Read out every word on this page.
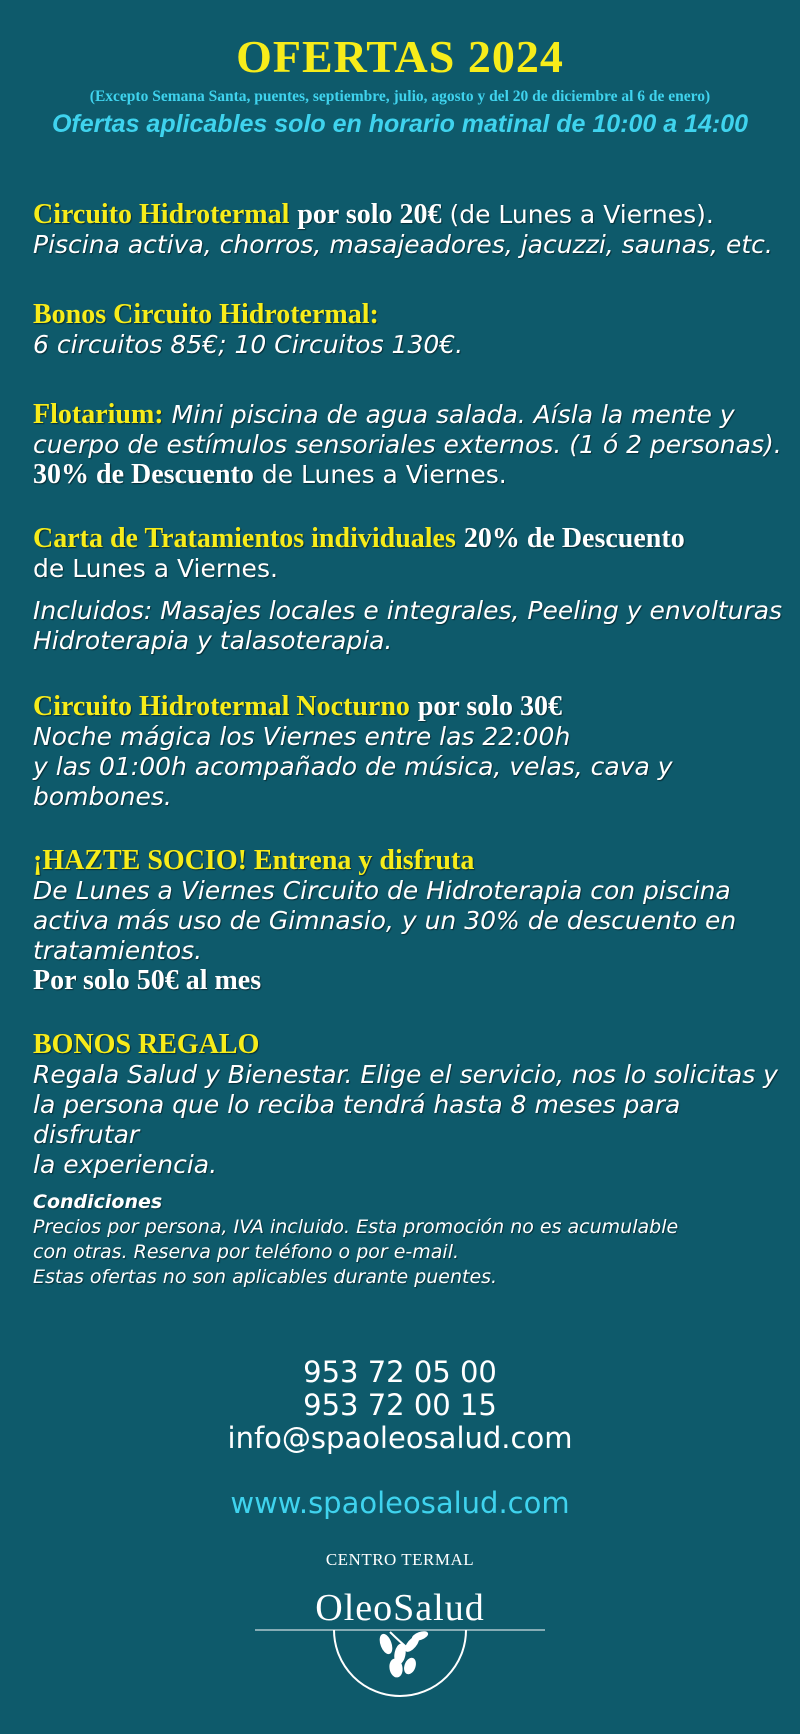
OFERTAS 2024
(Excepto Semana Santa, puentes, septiembre, julio, agosto y del 20 de diciembre al 6 de enero)
Ofertas aplicables solo en horario matinal de 10:00 a 14:00
Circuito Hidrotermal por solo 20€ (de Lunes a Viernes).
Piscina activa, chorros, masajeadores, jacuzzi, saunas, etc.
Bonos Circuito Hidrotermal:
6 circuitos 85€; 10 Circuitos 130€.
Flotarium: Mini piscina de agua salada. Aísla la mente y
cuerpo de estímulos sensoriales externos. (1 ó 2 personas).
30% de Descuento de Lunes a Viernes.
Carta de Tratamientos individuales 20% de Descuento
de Lunes a Viernes.
Incluidos: Masajes locales e integrales, Peeling y envolturas
Hidroterapia y talasoterapia.
Circuito Hidrotermal Nocturno por solo 30€
Noche mágica los Viernes entre las 22:00h
y las 01:00h acompañado de música, velas, cava y
bombones.
¡HAZTE SOCIO! Entrena y disfruta
De Lunes a Viernes Circuito de Hidroterapia con piscina
activa más uso de Gimnasio, y un 30% de descuento en
tratamientos.
Por solo 50€ al mes
BONOS REGALO
Regala Salud y Bienestar. Elige el servicio, nos lo solicitas y
la persona que lo reciba tendrá hasta 8 meses para disfrutar
la experiencia.
Condiciones
Precios por persona, IVA incluido. Esta promoción no es acumulable
con otras. Reserva por teléfono o por e-mail.
Estas ofertas no son aplicables durante puentes.
953 72 05 00
953 72 00 15
info@spaoleosalud.com
www.spaoleosalud.com
CENTRO TERMAL
OleoSalud
